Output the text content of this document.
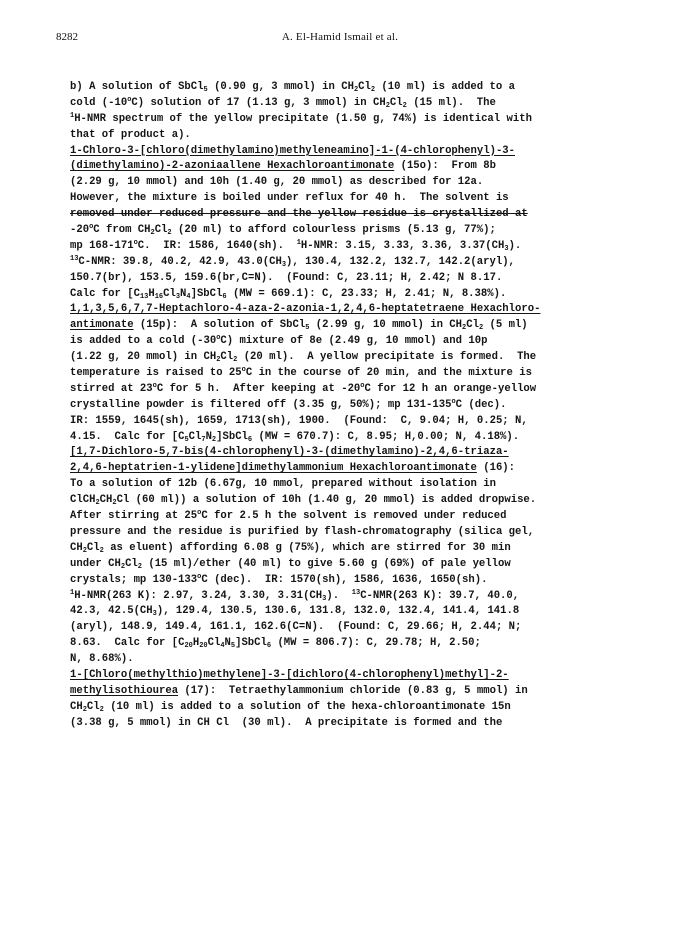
8282	A. El-Hamid Ismail et al.
b) A solution of SbCl$_5$ (0.90 g, 3 mmol) in $CH_2Cl_2$ (10 ml) is added to a
cold (-10$^o$C) solution of 17 (1.13 g, 3 mmol) in $CH_2Cl_2$ (15 ml).  The
$^1$H-NMR spectrum of the yellow precipitate (1.50 g, 74%) is identical with
that of product a).
1-Chloro-3-[chloro(dimethylamino)methyleneamino]-1-(4-chlorophenyl)-3-
(dimethylamino)-2-azoniaallene Hexachloroantimonate (15o):  From 8b
(2.29 g, 10 mmol) and 10h (1.40 g, 20 mmol) as described for 12a.
However, the mixture is boiled under reflux for 40 h.  The solvent is
removed under reduced pressure and the yellow residue is crystallized at
-20$^o$C from $CH_2Cl_2$ (20 ml) to afford colourless prisms (5.13 g, 77%);
mp 168-171$^o$C.  IR: 1586, 1640(sh).  $^1$H-NMR: 3.15, 3.33, 3.36, $3.37(CH_3)$.
$^{13}$C-NMR: 39.8, 40.2, 42.9, $43.0(CH_3)$, 130.4, 132.2, 132.7, 142.2(aryl),
150.7(br), 153.5, 159.6(br,C=N).  (Found: C, 23.11; H, 2.42; N 8.17.
Calc for $[C_{13}H_{16}Cl_3N_4]SbCl_6$ (MW = 669.1): C, 23.33; H, 2.41; N, 8.38%).
1,1,3,5,6,7,7-Heptachloro-4-aza-2-azonia-1,2,4,6-heptatetraene Hexachloro-
antimonate (15p):  A solution of SbCl$_5$ (2.99 g, 10 mmol) in $CH_2Cl_2$ (5 ml)
is added to a cold (-30$^o$C) mixture of 8e (2.49 g, 10 mmol) and 10p
(1.22 g, 20 mmol) in $CH_2Cl_2$ (20 ml).  A yellow precipitate is formed.  The
temperature is raised to 25$^o$C in the course of 20 min, and the mixture is
stirred at 23$^o$C for 5 h.  After keeping at -20$^o$C for 12 h an orange-yellow
crystalline powder is filtered off (3.35 g, 50%); mp 131-135$^o$C (dec).
IR: 1559, 1645(sh), 1659, 1713(sh), 1900.  (Found:  C, 9.04; H, 0.25; N,
4.15.  Calc for $[C_5Cl_7N_2]SbCl_6$ (MW = 670.7): C, 8.95; H,0.00; N, 4.18%).
[1,7-Dichloro-5,7-bis(4-chlorophenyl)-3-(dimethylamino)-2,4,6-triaza-
2,4,6-heptatrien-1-ylidene]dimethylammonium Hexachloroantimonate (16):
To a solution of 12b (6.67g, 10 mmol, prepared without isolation in
$ClCH_2CH_2Cl$ (60 ml)) a solution of 10h (1.40 g, 20 mmol) is added dropwise.
After stirring at 25$^o$C for 2.5 h the solvent is removed under reduced
pressure and the residue is purified by flash-chromatography (silica gel,
$CH_2Cl_2$ as eluent) affording 6.08 g (75%), which are stirred for 30 min
under $CH_2Cl_2$ (15 ml)/ether (40 ml) to give 5.60 g (69%) of pale yellow
crystals; mp 130-133$^o$C (dec).  IR: 1570(sh), 1586, 1636, 1650(sh).
$^1$H-NMR(263 K): 2.97, 3.24, 3.30, $3.31(CH_3)$.  $^{13}$C-NMR(263 K): 39.7, 40.0,
42.3, $42.5(CH_3)$, 129.4, 130.5, 130.6, 131.8, 132.0, 132.4, 141.4, 141.8
(aryl), 148.9, 149.4, 161.1, 162.6(C=N).  (Found: C, 29.66; H, 2.44; N;
8.63.  Calc for $[C_{20}H_{20}Cl_4N_5]SbCl_6$ (MW = 806.7): C, 29.78; H, 2.50;
N, 8.68%).
1-[Chloro(methylthio)methylene]-3-[dichloro(4-chlorophenyl)methyl]-2-
methylisothiourea (17):  Tetraethylammonium chloride (0.83 g, 5 mmol) in
$CH_2Cl_2$ (10 ml) is added to a solution of the hexa-chloroantimonate 15n
(3.38 g, 5 mmol) in CH Cl  (30 ml).  A precipitate is formed and the
